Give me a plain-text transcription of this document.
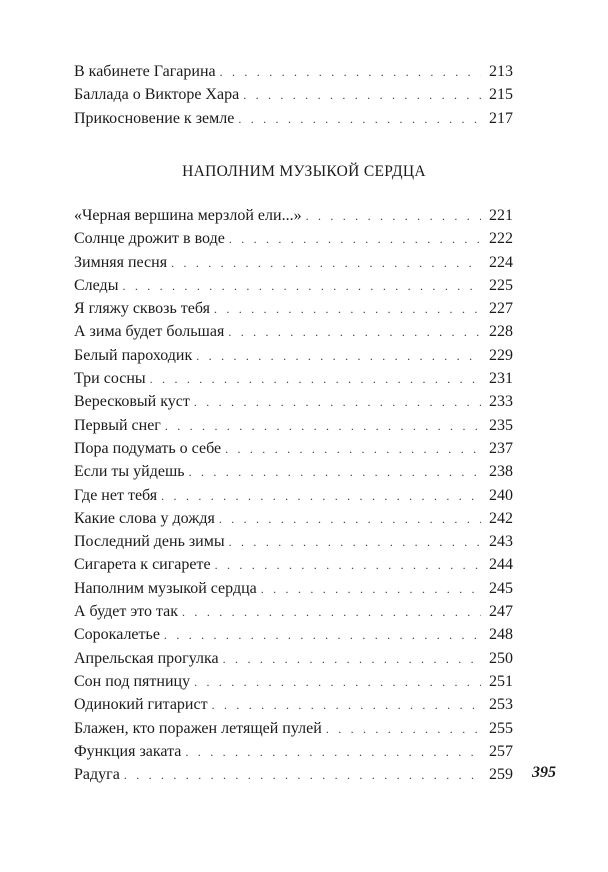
В кабинете Гагарина . . .	213
Баллада о Викторе Хара . . .	215
Прикосновение к земле . . .	217
НАПОЛНИМ МУЗЫКОЙ СЕРДЦА
«Черная вершина мерзлой ели...» . . .	221
Солнце дрожит в воде . . .	222
Зимняя песня . . .	224
Следы . . .	225
Я гляжу сквозь тебя . . .	227
А зима будет большая . . .	228
Белый пароходик . . .	229
Три сосны . . .	231
Вересковый куст . . .	233
Первый снег . . .	235
Пора подумать о себе . . .	237
Если ты уйдешь . . .	238
Где нет тебя . . .	240
Какие слова у дождя . . .	242
Последний день зимы . . .	243
Сигарета к сигарете . . .	244
Наполним музыкой сердца . . .	245
А будет это так . . .	247
Сорокалетье . . .	248
Апрельская прогулка . . .	250
Сон под пятницу . . .	251
Одинокий гитарист . . .	253
Блажен, кто поражен летящей пулей . . .	255
Функция заката . . .	257
Радуга . . .	259 395
